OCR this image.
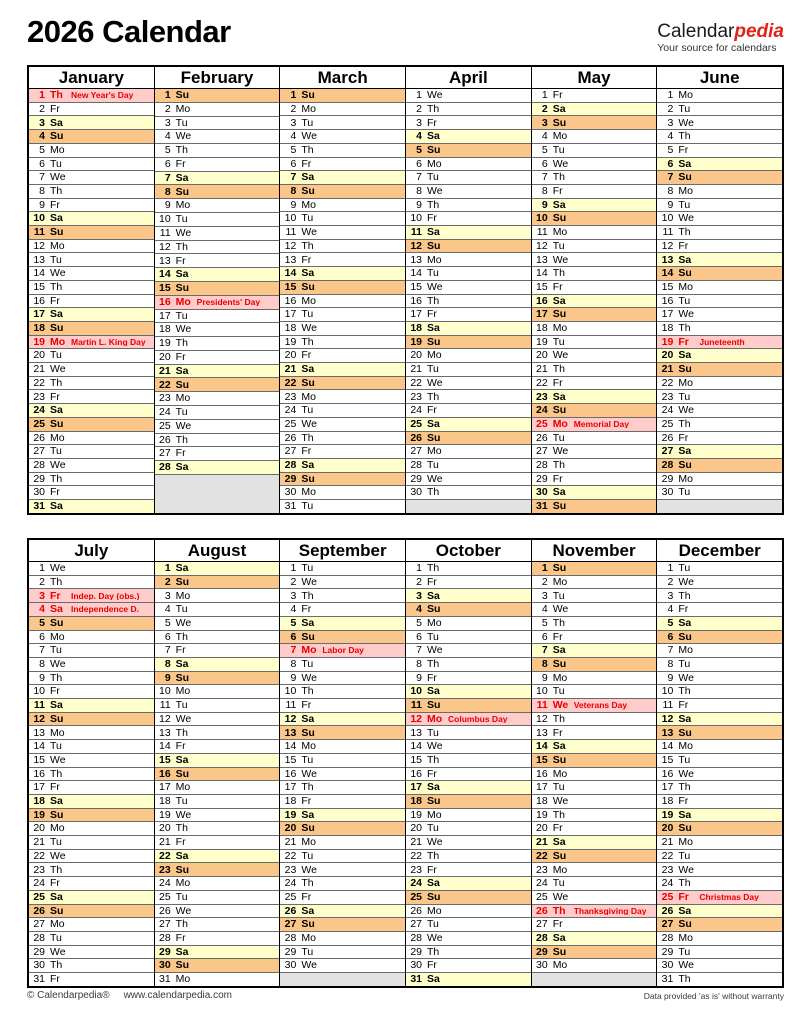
2026 Calendar	Calendarpedia
Your source for calendars
January
1 Th New Year's Day
2 Fr
3 Sa
4 Su
5 Mo
6 Tu
7 We
8 Th
9 Fr
10 Sa
11 Su
12 Mo
13 Tu
14 We
15 Th
16 Fr
17 Sa
18 Su
19 Mo Martin L. King Day
20 Tu
21 We
22 Th
23 Fr
24 Sa
25 Su
26 Mo
27 Tu
28 We
29 Th
30 Fr
31 Sa
February
1 Su
2 Mo
3 Tu
4 We
5 Th
6 Fr
7 Sa
8 Su
9 Mo
10 Tu
11 We
12 Th
13 Fr
14 Sa
15 Su
16 Mo Presidents' Day
17 Tu
18 We
19 Th
20 Fr
21 Sa
22 Su
23 Mo
24 Tu
25 We
26 Th
27 Fr
28 Sa
March
1 Su
2 Mo
3 Tu
4 We
5 Th
6 Fr
7 Sa
8 Su
9 Mo
10 Tu
11 We
12 Th
13 Fr
14 Sa
15 Su
16 Mo
17 Tu
18 We
19 Th
20 Fr
21 Sa
22 Su
23 Mo
24 Tu
25 We
26 Th
27 Fr
28 Sa
29 Su
30 Mo
31 Tu
April
1 We
2 Th
3 Fr
4 Sa
5 Su
6 Mo
7 Tu
8 We
9 Th
10 Fr
11 Sa
12 Su
13 Mo
14 Tu
15 We
16 Th
17 Fr
18 Sa
19 Su
20 Mo
21 Tu
22 We
23 Th
24 Fr
25 Sa
26 Su
27 Mo
28 Tu
29 We
30 Th
May
1 Fr
2 Sa
3 Su
4 Mo
5 Tu
6 We
7 Th
8 Fr
9 Sa
10 Su
11 Mo
12 Tu
13 We
14 Th
15 Fr
16 Sa
17 Su
18 Mo
19 Tu
20 We
21 Th
22 Fr
23 Sa
24 Su
25 Mo Memorial Day
26 Tu
27 We
28 Th
29 Fr
30 Sa
31 Su
June
1 Mo
2 Tu
3 We
4 Th
5 Fr
6 Sa
7 Su
8 Mo
9 Tu
10 We
11 Th
12 Fr
13 Sa
14 Su
15 Mo
16 Tu
17 We
18 Th
19 Fr	Juneteenth
20 Sa
21 Su
22 Mo
23 Tu
24 We
25 Th
26 Fr
27 Sa
28 Su
29 Mo
30 Tu
July
1 We
2 Th
3 Fr	Indep. Day (obs.)
4 Sa Independence D.
5 Su
6 Mo
7 Tu
8 We
9 Th
10 Fr
11 Sa
12 Su
13 Mo
14 Tu
15 We
16 Th
17 Fr
18 Sa
19 Su
20 Mo
21 Tu
22 We
23 Th
24 Fr
25 Sa
26 Su
27 Mo
28 Tu
29 We
30 Th
31 Fr
August
1 Sa
2 Su
3 Mo
4 Tu
5 We
6 Th
7 Fr
8 Sa
9 Su
10 Mo
11 Tu
12 We
13 Th
14 Fr
15 Sa
16 Su
17 Mo
18 Tu
19 We
20 Th
21 Fr
22 Sa
23 Su
24 Mo
25 Tu
26 We
27 Th
28 Fr
29 Sa
30 Su
31 Mo
September
1 Tu
2 We
3 Th
4 Fr
5 Sa
6 Su
7 Mo Labor Day
8 Tu
9 We
10 Th
11 Fr
12 Sa
13 Su
14 Mo
15 Tu
16 We
17 Th
18 Fr
19 Sa
20 Su
21 Mo
22 Tu
23 We
24 Th
25 Fr
26 Sa
27 Su
28 Mo
29 Tu
30 We
October
1 Th
2 Fr
3 Sa
4 Su
5 Mo
6 Tu
7 We
8 Th
9 Fr
10 Sa
11 Su
12 Mo Columbus Day
13 Tu
14 We
15 Th
16 Fr
17 Sa
18 Su
19 Mo
20 Tu
21 We
22 Th
23 Fr
24 Sa
25 Su
26 Mo
27 Tu
28 We
29 Th
30 Fr
31 Sa
November
1 Su
2 Mo
3 Tu
4 We
5 Th
6 Fr
7 Sa
8 Su
9 Mo
10 Tu
11 We Veterans Day
12 Th
13 Fr
14 Sa
15 Su
16 Mo
17 Tu
18 We
19 Th
20 Fr
21 Sa
22 Su
23 Mo
24 Tu
25 We
26 Th Thanksgiving Day
27 Fr
28 Sa
29 Su
30 Mo
December
1 Tu
2 We
3 Th
4 Fr
5 Sa
6 Su
7 Mo
8 Tu
9 We
10 Th
11 Fr
12 Sa
13 Su
14 Mo
15 Tu
16 We
17 Th
18 Fr
19 Sa
20 Su
21 Mo
22 Tu
23 We
24 Th
25 Fr	Christmas Day
26 Sa
27 Su
28 Mo
29 Tu
30 We
31 Th
© Calendarpedia® www.calendarpedia.com	Data provided 'as is' without warranty
